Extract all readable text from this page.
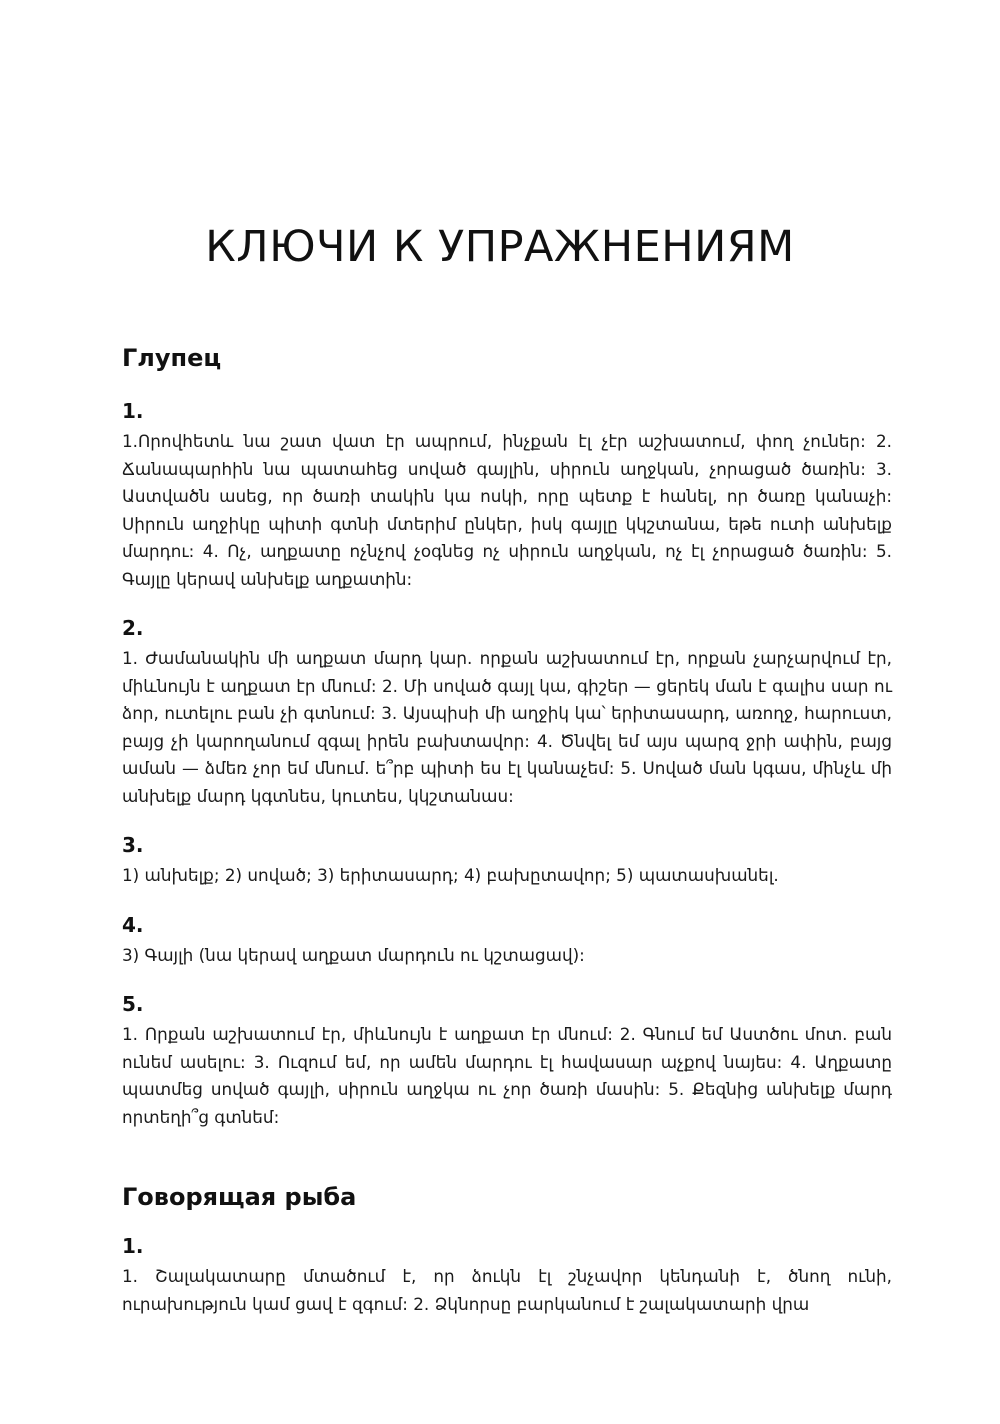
КЛЮЧИ К УПРАЖНЕНИЯМ
Глупец
1.

1.Որովհետև նա շատ վատ էր ապրում, ինչքան էլ չէր աշխատում, փող չուներ: 2. Ճանապարհին նա պատահեց սոված գայլին, սիրուն աղջկան, չորացած ծառին: 3. Աստվածն ասեց, որ ծառի տակին կա ոսկի, որը պետք է հանել, որ ծառը կանաչի: Սիրուն աղջիկը պիտի գտնի մտերիմ ընկեր, իսկ գայլը կկշտանա, եթե ուտի անխելք մարդու: 4. Ոչ, աղքատը ոչնչով չօգնեց ոչ սիրուն աղջկան, ոչ էլ չորացած ծառին: 5. Գայլը կերավ անխելք աղքատին:

2.

1. Ժամանակին մի աղքատ մարդ կար. որքան աշխատում էր, որքան չարչարվում էր, միևնույն է աղքատ էր մնում: 2. Մի սոված գայլ կա, գիշեր — ցերեկ ման է գալիս սար ու ձոր, ուտելու բան չի գտնում: 3. Այսպիսի մի աղջիկ կա՝ երիտասարդ, առողջ, հարուստ, բայց չի կարողանում զգալ իրեն բախտավոր: 4. Ծնվել եմ այս պարզ ջրի ափին, բայց աման — ձմեռ չոր եմ մնում. ե՞րբ պիտի ես էլ կանաչեմ: 5. Սոված ման կգաս, մինչև մի անխելք մարդ կգտնես, կուտես, կկշտանաս:

3.

1) անխելք; 2) սոված; 3) երիտասարդ; 4) բախըտավոր; 5) պատասխանել.

4.

3) Գայլի (նա կերավ աղքատ մարդուն ու կշտացավ):

5.

1. Որքան աշխատում էր, միևնույն է աղքատ էր մնում: 2. Գնում եմ Աստծու մոտ. բան ունեմ ասելու: 3. Ուզում եմ, որ ամեն մարդու էլ հավասար աչքով նայես: 4. Աղքատը պատմեց սոված գայլի, սիրուն աղջկա ու չոր ծառի մասին: 5. Քեզնից անխելք մարդ որտեղի՞ց գտնեմ:

Говорящая рыба
1.

1. Շալակատարը մտածում է, որ ձուկն էլ շնչավոր կենդանի է, ծնող ունի, ուրախություն կամ ցավ է զգում: 2. Ձկնորսը բարկանում է շալակատարի վրա
